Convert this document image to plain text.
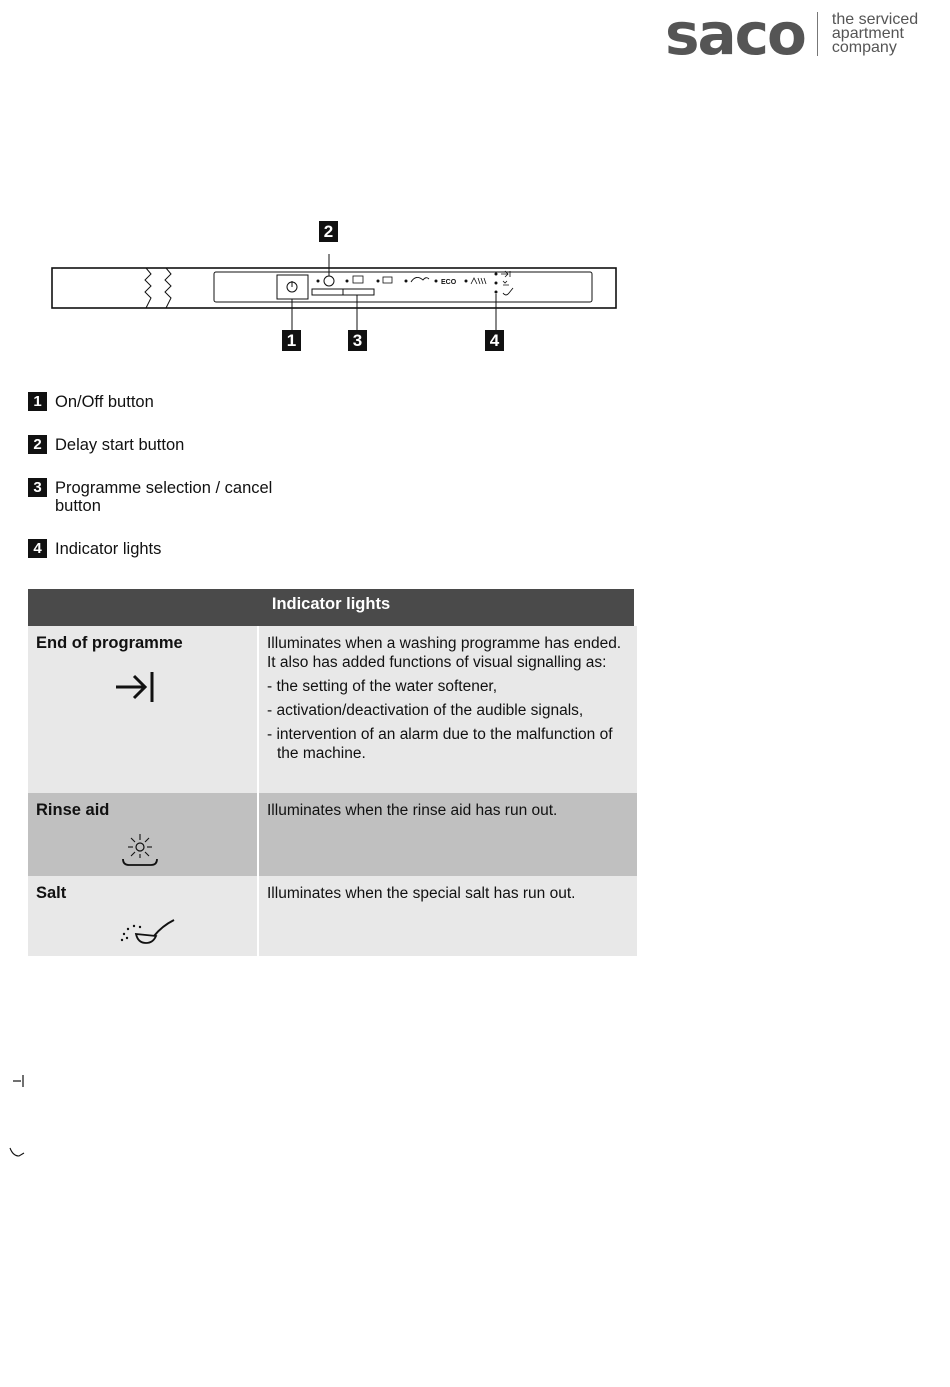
saco the serviced
apartment
company
ECO
2
1	3	4
1 On/Off button
2 Delay start button
3 Programme selection / cancel button
4 Indicator lights
Indicator lights
End of programme	Illuminates when a washing programme has ended. It also has added functions of visual signalling as:
- the setting of the water softener,
- activation/deactivation of the audible signals,
- intervention of an alarm due to the malfunction of the machine.
Rinse aid	Illuminates when the rinse aid has run out.
Salt	Illuminates when the special salt has run out.
